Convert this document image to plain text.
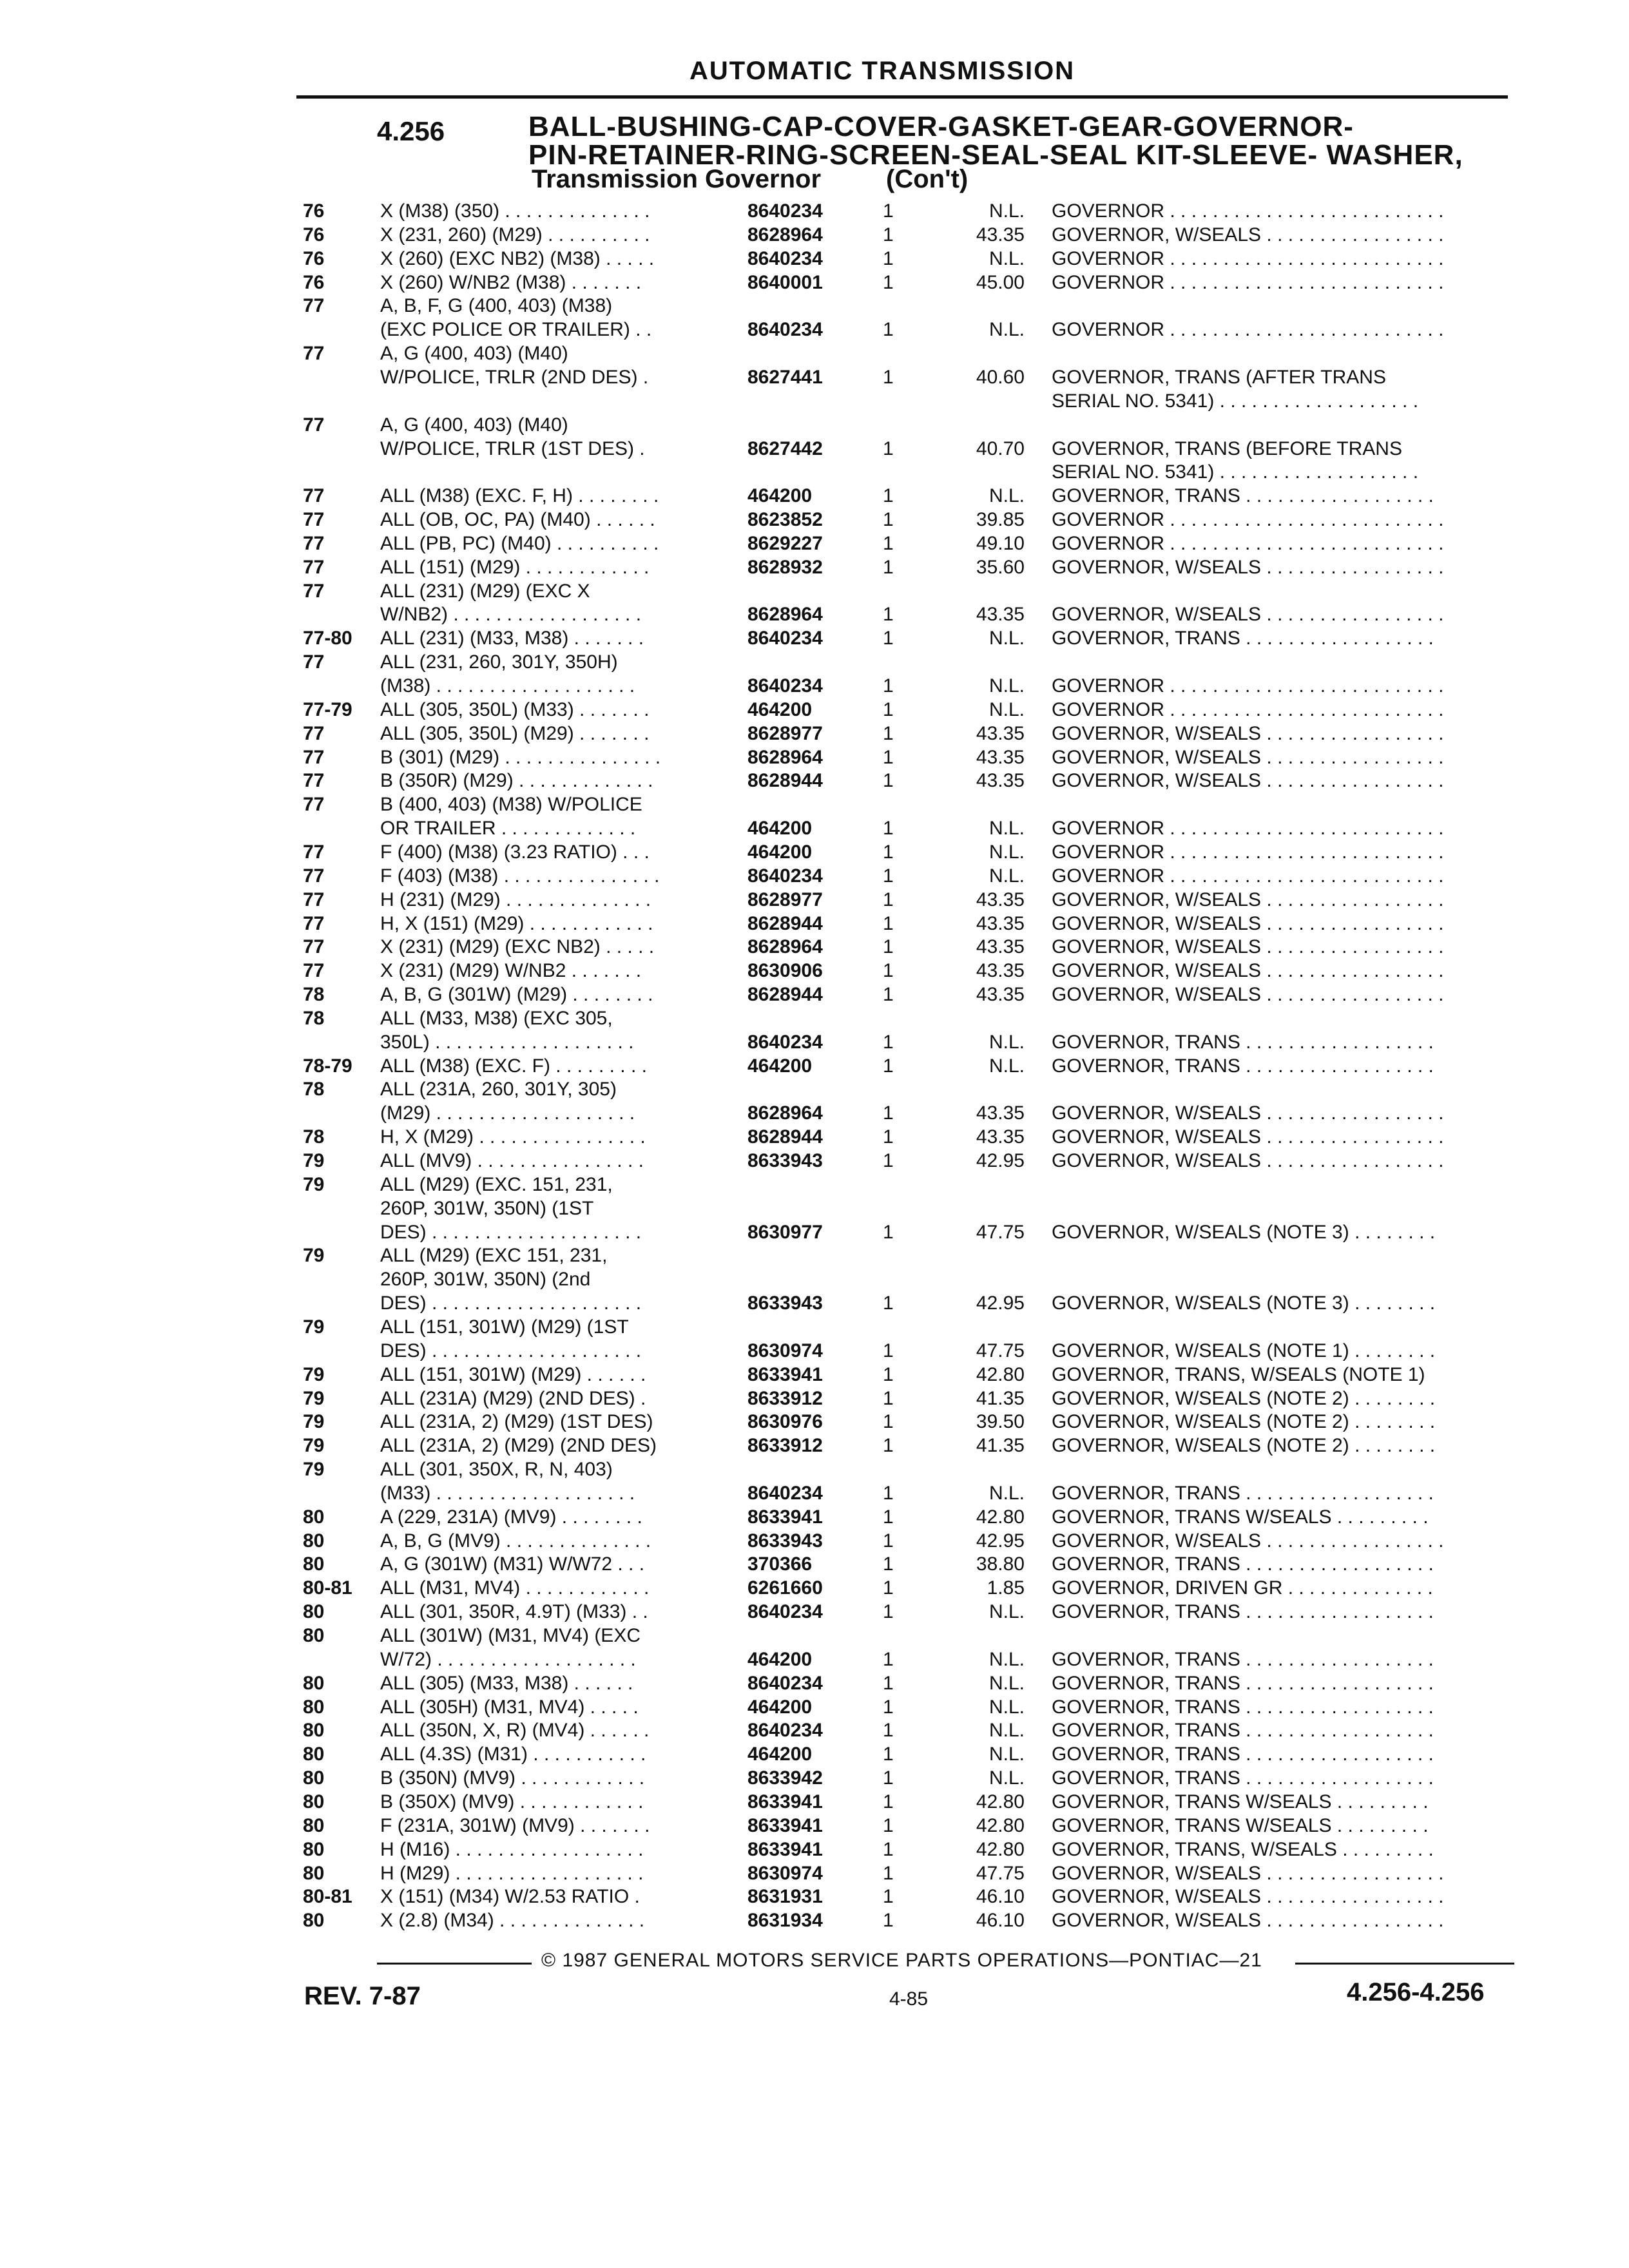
AUTOMATIC TRANSMISSION
4.256	BALL-BUSHING-CAP-COVER-GASKET-GEAR-GOVERNOR-
PIN-RETAINER-RING-SCREEN-SEAL-SEAL KIT-SLEEVE- WASHER,
Transmission Governor	(Con't)
76	X (M38) (350) . . . . . . . . . . . . . .	8640234	1	N.L. GOVERNOR . . . . . . . . . . . . . . . . . . . . . . . . . .
76	X (231, 260) (M29) . . . . . . . . . .	8628964	1	43.35 GOVERNOR, W/SEALS . . . . . . . . . . . . . . . . .
76	X (260) (EXC NB2) (M38) . . . . .	8640234	1	N.L. GOVERNOR . . . . . . . . . . . . . . . . . . . . . . . . . .
76	X (260) W/NB2 (M38) . . . . . . .	8640001	1	45.00 GOVERNOR . . . . . . . . . . . . . . . . . . . . . . . . . .
77	A, B, F, G (400, 403) (M38)
(EXC POLICE OR TRAILER) . .	8640234	1	N.L. GOVERNOR . . . . . . . . . . . . . . . . . . . . . . . . . .
77	A, G (400, 403) (M40)
W/POLICE, TRLR (2ND DES) .	8627441	1	40.60 GOVERNOR, TRANS (AFTER TRANS
SERIAL NO. 5341) . . . . . . . . . . . . . . . . . . .
77	A, G (400, 403) (M40)
W/POLICE, TRLR (1ST DES) .	8627442	1	40.70 GOVERNOR, TRANS (BEFORE TRANS
SERIAL NO. 5341) . . . . . . . . . . . . . . . . . . .
77	ALL (M38) (EXC. F, H) . . . . . . . .	464200	1	N.L. GOVERNOR, TRANS . . . . . . . . . . . . . . . . . .
77	ALL (OB, OC, PA) (M40) . . . . . .	8623852	1	39.85 GOVERNOR . . . . . . . . . . . . . . . . . . . . . . . . . .
77	ALL (PB, PC) (M40) . . . . . . . . . .	8629227	1	49.10 GOVERNOR . . . . . . . . . . . . . . . . . . . . . . . . . .
77	ALL (151) (M29) . . . . . . . . . . . .	8628932	1	35.60 GOVERNOR, W/SEALS . . . . . . . . . . . . . . . . .
77	ALL (231) (M29) (EXC X
W/NB2) . . . . . . . . . . . . . . . . . .	8628964	1	43.35 GOVERNOR, W/SEALS . . . . . . . . . . . . . . . . .
77-80 ALL (231) (M33, M38) . . . . . . .	8640234	1	N.L. GOVERNOR, TRANS . . . . . . . . . . . . . . . . . .
77	ALL (231, 260, 301Y, 350H)
(M38) . . . . . . . . . . . . . . . . . . .	8640234	1	N.L. GOVERNOR . . . . . . . . . . . . . . . . . . . . . . . . . .
77-79 ALL (305, 350L) (M33) . . . . . . .	464200	1	N.L. GOVERNOR . . . . . . . . . . . . . . . . . . . . . . . . . .
77	ALL (305, 350L) (M29) . . . . . . .	8628977	1	43.35 GOVERNOR, W/SEALS . . . . . . . . . . . . . . . . .
77	B (301) (M29) . . . . . . . . . . . . . . .	8628964	1	43.35 GOVERNOR, W/SEALS . . . . . . . . . . . . . . . . .
77	B (350R) (M29) . . . . . . . . . . . . .	8628944	1	43.35 GOVERNOR, W/SEALS . . . . . . . . . . . . . . . . .
77	B (400, 403) (M38) W/POLICE
OR TRAILER . . . . . . . . . . . . .	464200	1	N.L. GOVERNOR . . . . . . . . . . . . . . . . . . . . . . . . . .
77	F (400) (M38) (3.23 RATIO) . . .	464200	1	N.L. GOVERNOR . . . . . . . . . . . . . . . . . . . . . . . . . .
77	F (403) (M38) . . . . . . . . . . . . . . .	8640234	1	N.L. GOVERNOR . . . . . . . . . . . . . . . . . . . . . . . . . .
77	H (231) (M29) . . . . . . . . . . . . . .	8628977	1	43.35 GOVERNOR, W/SEALS . . . . . . . . . . . . . . . . .
77	H, X (151) (M29) . . . . . . . . . . . .	8628944	1	43.35 GOVERNOR, W/SEALS . . . . . . . . . . . . . . . . .
77	X (231) (M29) (EXC NB2) . . . . .	8628964	1	43.35 GOVERNOR, W/SEALS . . . . . . . . . . . . . . . . .
77	X (231) (M29) W/NB2 . . . . . . .	8630906	1	43.35 GOVERNOR, W/SEALS . . . . . . . . . . . . . . . . .
78	A, B, G (301W) (M29) . . . . . . . .	8628944	1	43.35 GOVERNOR, W/SEALS . . . . . . . . . . . . . . . . .
78	ALL (M33, M38) (EXC 305,
350L) . . . . . . . . . . . . . . . . . . .	8640234	1	N.L. GOVERNOR, TRANS . . . . . . . . . . . . . . . . . .
78-79 ALL (M38) (EXC. F) . . . . . . . . .	464200	1	N.L. GOVERNOR, TRANS . . . . . . . . . . . . . . . . . .
78	ALL (231A, 260, 301Y, 305)
(M29) . . . . . . . . . . . . . . . . . . .	8628964	1	43.35 GOVERNOR, W/SEALS . . . . . . . . . . . . . . . . .
78	H, X (M29) . . . . . . . . . . . . . . . .	8628944	1	43.35 GOVERNOR, W/SEALS . . . . . . . . . . . . . . . . .
79	ALL (MV9) . . . . . . . . . . . . . . . .	8633943	1	42.95 GOVERNOR, W/SEALS . . . . . . . . . . . . . . . . .
79	ALL (M29) (EXC. 151, 231,
260P, 301W, 350N) (1ST
DES) . . . . . . . . . . . . . . . . . . . .	8630977	1	47.75 GOVERNOR, W/SEALS (NOTE 3) . . . . . . . .
79	ALL (M29) (EXC 151, 231,
260P, 301W, 350N) (2nd
DES) . . . . . . . . . . . . . . . . . . . .	8633943	1	42.95 GOVERNOR, W/SEALS (NOTE 3) . . . . . . . .
79	ALL (151, 301W) (M29) (1ST
DES) . . . . . . . . . . . . . . . . . . . .	8630974	1	47.75 GOVERNOR, W/SEALS (NOTE 1) . . . . . . . .
79	ALL (151, 301W) (M29) . . . . . .	8633941	1	42.80 GOVERNOR, TRANS, W/SEALS (NOTE 1)
79	ALL (231A) (M29) (2ND DES) .	8633912	1	41.35 GOVERNOR, W/SEALS (NOTE 2) . . . . . . . .
79	ALL (231A, 2) (M29) (1ST DES)	8630976	1	39.50 GOVERNOR, W/SEALS (NOTE 2) . . . . . . . .
79	ALL (231A, 2) (M29) (2ND DES)	8633912	1	41.35 GOVERNOR, W/SEALS (NOTE 2) . . . . . . . .
79	ALL (301, 350X, R, N, 403)
(M33) . . . . . . . . . . . . . . . . . . .	8640234	1	N.L. GOVERNOR, TRANS . . . . . . . . . . . . . . . . . .
80	A (229, 231A) (MV9) . . . . . . . .	8633941	1	42.80 GOVERNOR, TRANS W/SEALS . . . . . . . . .
80	A, B, G (MV9) . . . . . . . . . . . . . .	8633943	1	42.95 GOVERNOR, W/SEALS . . . . . . . . . . . . . . . . .
80	A, G (301W) (M31) W/W72 . . .	370366	1	38.80 GOVERNOR, TRANS . . . . . . . . . . . . . . . . . .
80-81 ALL (M31, MV4) . . . . . . . . . . . .	6261660	1	1.85 GOVERNOR, DRIVEN GR . . . . . . . . . . . . . .
80	ALL (301, 350R, 4.9T) (M33) . .	8640234	1	N.L. GOVERNOR, TRANS . . . . . . . . . . . . . . . . . .
80	ALL (301W) (M31, MV4) (EXC
W/72) . . . . . . . . . . . . . . . . . . .	464200	1	N.L. GOVERNOR, TRANS . . . . . . . . . . . . . . . . . .
80	ALL (305) (M33, M38) . . . . . .	8640234	1	N.L. GOVERNOR, TRANS . . . . . . . . . . . . . . . . . .
80	ALL (305H) (M31, MV4) . . . . .	464200	1	N.L. GOVERNOR, TRANS . . . . . . . . . . . . . . . . . .
80	ALL (350N, X, R) (MV4) . . . . . .	8640234	1	N.L. GOVERNOR, TRANS . . . . . . . . . . . . . . . . . .
80	ALL (4.3S) (M31) . . . . . . . . . . .	464200	1	N.L. GOVERNOR, TRANS . . . . . . . . . . . . . . . . . .
80	B (350N) (MV9) . . . . . . . . . . . .	8633942	1	N.L. GOVERNOR, TRANS . . . . . . . . . . . . . . . . . .
80	B (350X) (MV9) . . . . . . . . . . . .	8633941	1	42.80 GOVERNOR, TRANS W/SEALS . . . . . . . . .
80	F (231A, 301W) (MV9) . . . . . . .	8633941	1	42.80 GOVERNOR, TRANS W/SEALS . . . . . . . . .
80	H (M16) . . . . . . . . . . . . . . . . . .	8633941	1	42.80 GOVERNOR, TRANS, W/SEALS . . . . . . . . .
80	H (M29) . . . . . . . . . . . . . . . . . .	8630974	1	47.75 GOVERNOR, W/SEALS . . . . . . . . . . . . . . . . .
80-81 X (151) (M34) W/2.53 RATIO .	8631931	1	46.10 GOVERNOR, W/SEALS . . . . . . . . . . . . . . . . .
80	X (2.8) (M34) . . . . . . . . . . . . . .	8631934	1	46.10 GOVERNOR, W/SEALS . . . . . . . . . . . . . . . . .
© 1987 GENERAL MOTORS SERVICE PARTS OPERATIONS—PONTIAC—21
REV. 7-87	4-85	4.256-4.256
